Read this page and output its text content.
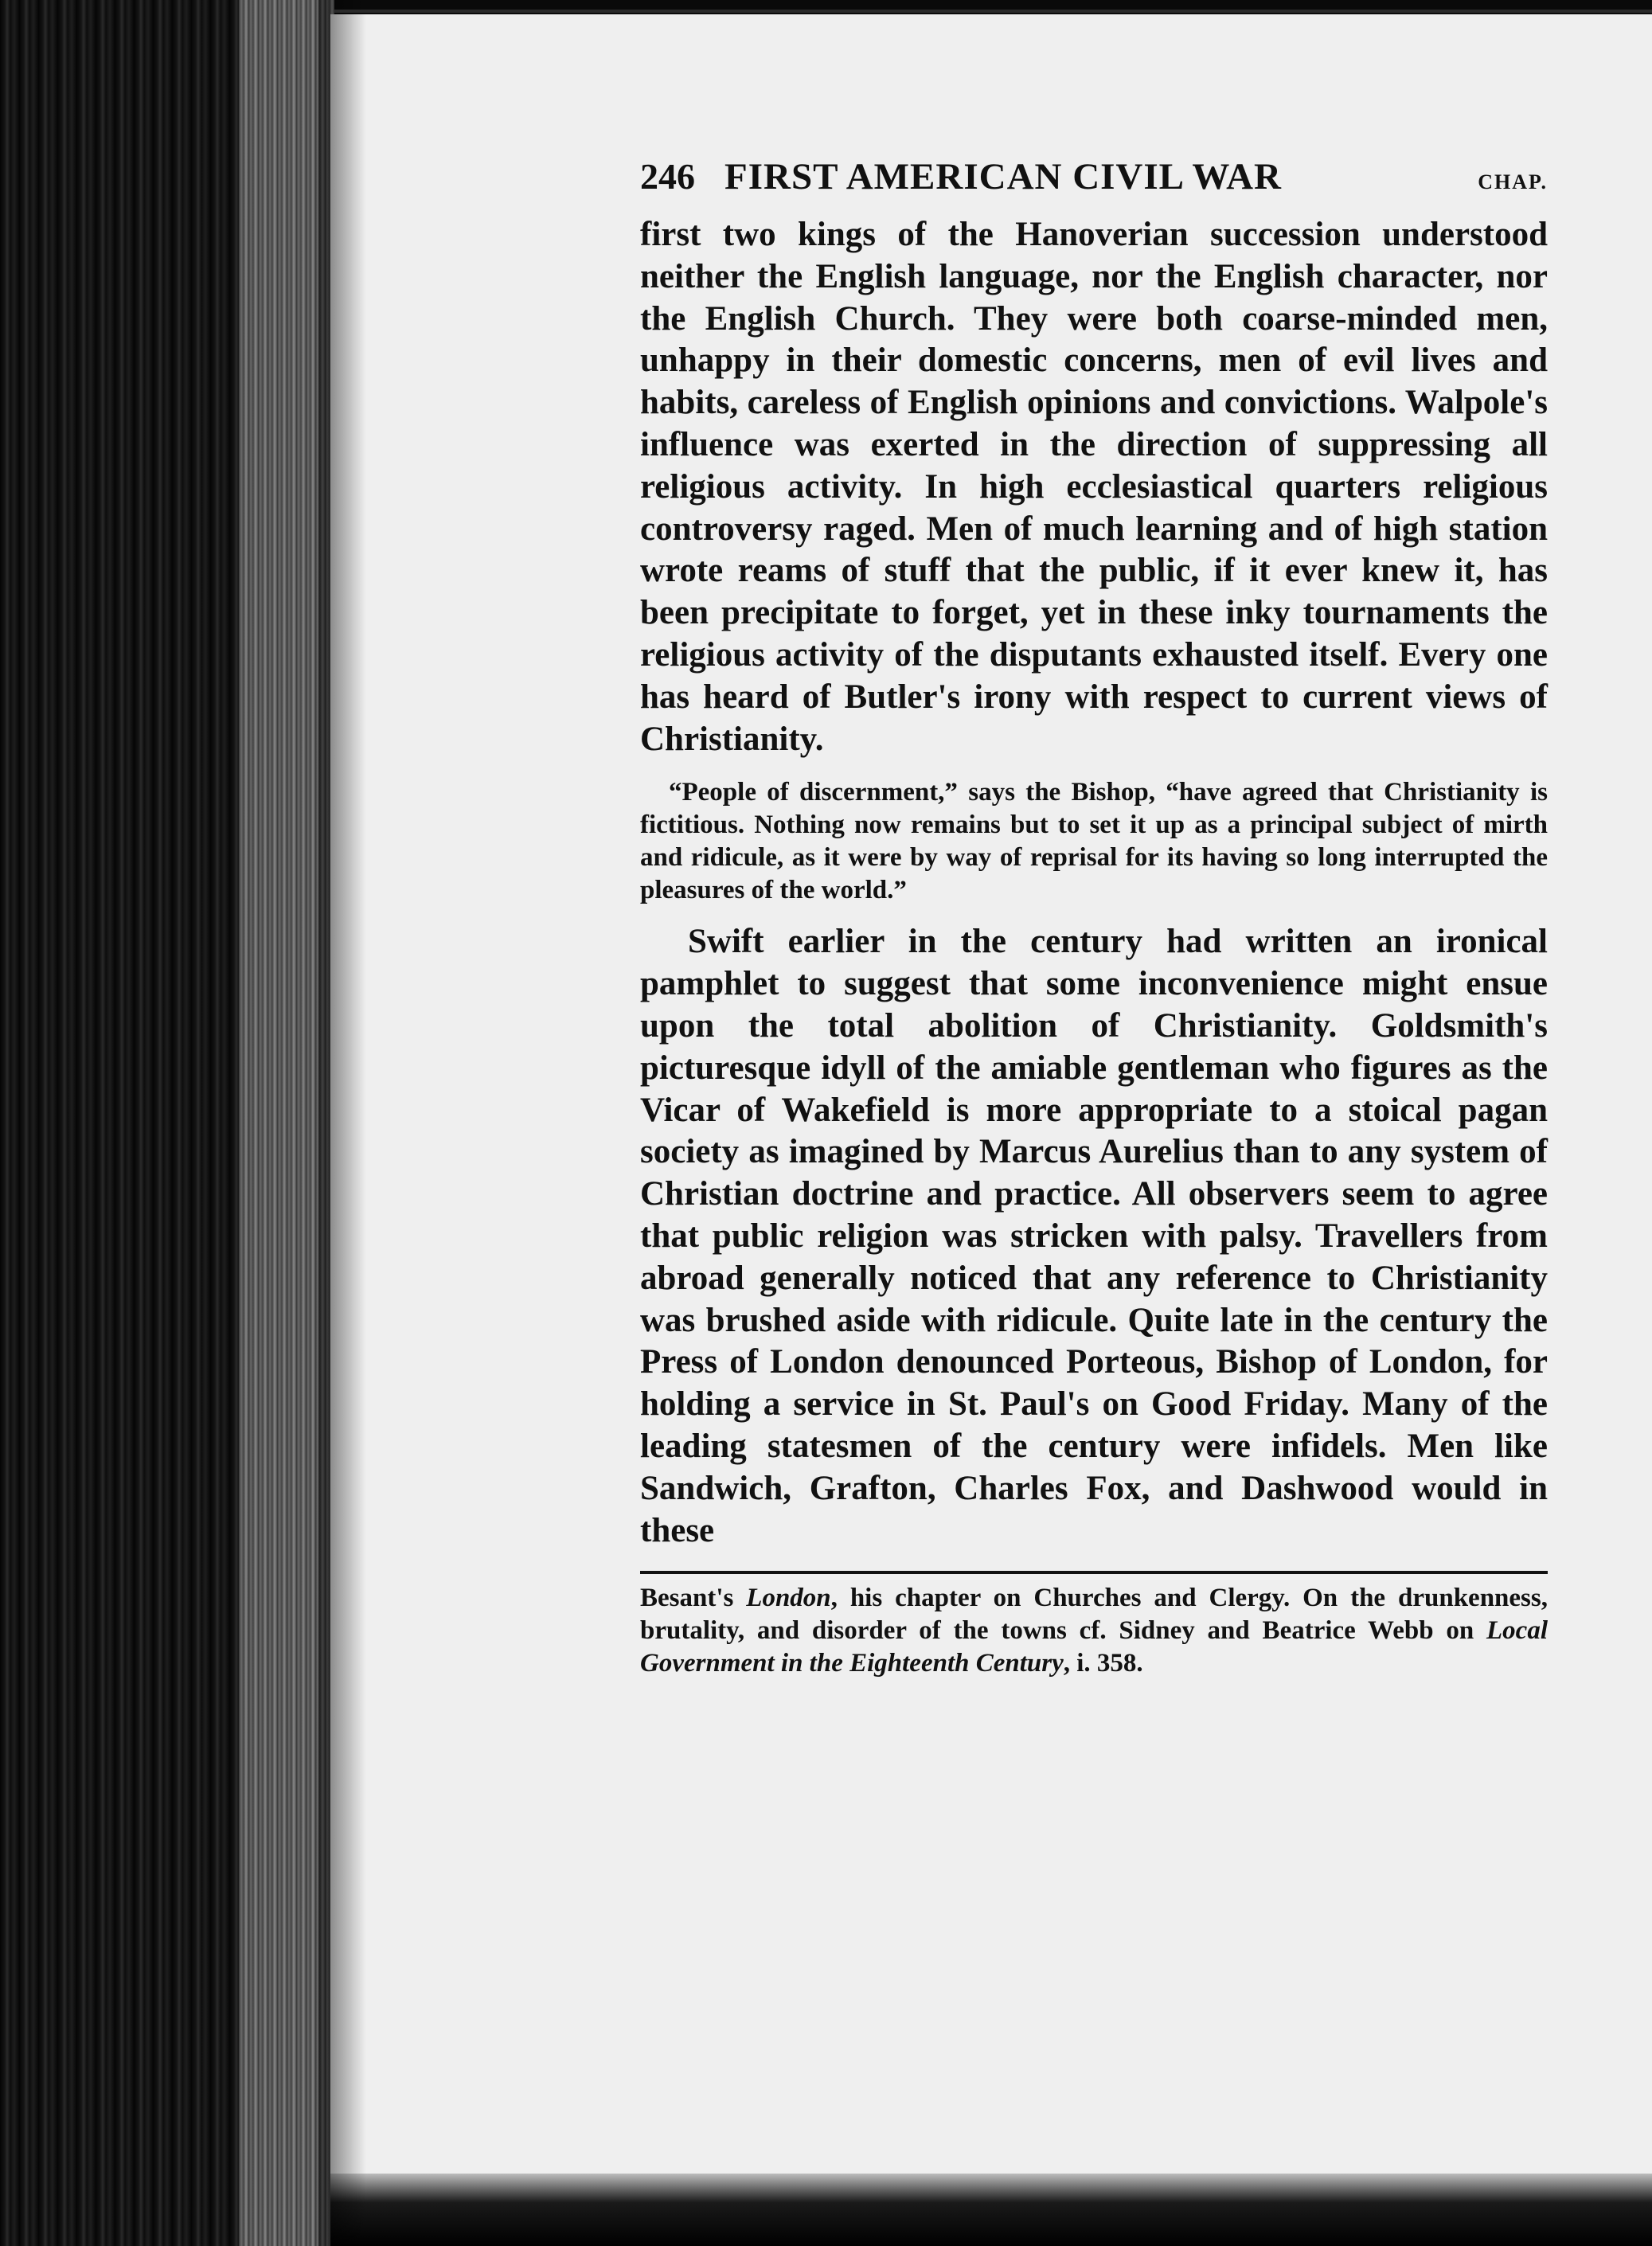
246 FIRST AMERICAN CIVIL WAR	CHAP.

first two kings of the Hanoverian succession understood neither the English language, nor the English character, nor the English Church. They were both coarse-minded men, unhappy in their domestic concerns, men of evil lives and habits, careless of English opinions and convictions. Walpole's influence was exerted in the direction of suppressing all religious activity. In high ecclesiastical quarters religious controversy raged. Men of much learning and of high station wrote reams of stuff that the public, if it ever knew it, has been precipitate to forget, yet in these inky tournaments the religious activity of the disputants exhausted itself. Every one has heard of Butler's irony with respect to current views of Christianity.

“People of discernment,” says the Bishop, “have agreed that Christianity is fictitious. Nothing now remains but to set it up as a principal subject of mirth and ridicule, as it were by way of reprisal for its having so long interrupted the pleasures of the world.”

Swift earlier in the century had written an ironical pamphlet to suggest that some inconvenience might ensue upon the total abolition of Christianity. Goldsmith's picturesque idyll of the amiable gentleman who figures as the Vicar of Wakefield is more appropriate to a stoical pagan society as imagined by Marcus Aurelius than to any system of Christian doctrine and practice. All observers seem to agree that public religion was stricken with palsy. Travellers from abroad generally noticed that any reference to Christianity was brushed aside with ridicule. Quite late in the century the Press of London denounced Porteous, Bishop of London, for holding a service in St. Paul's on Good Friday. Many of the leading statesmen of the century were infidels. Men like Sandwich, Grafton, Charles Fox, and Dashwood would in these

Besant's London, his chapter on Churches and Clergy. On the drunkenness, brutality, and disorder of the towns cf. Sidney and Beatrice Webb on Local Government in the Eighteenth Century, i. 358.
